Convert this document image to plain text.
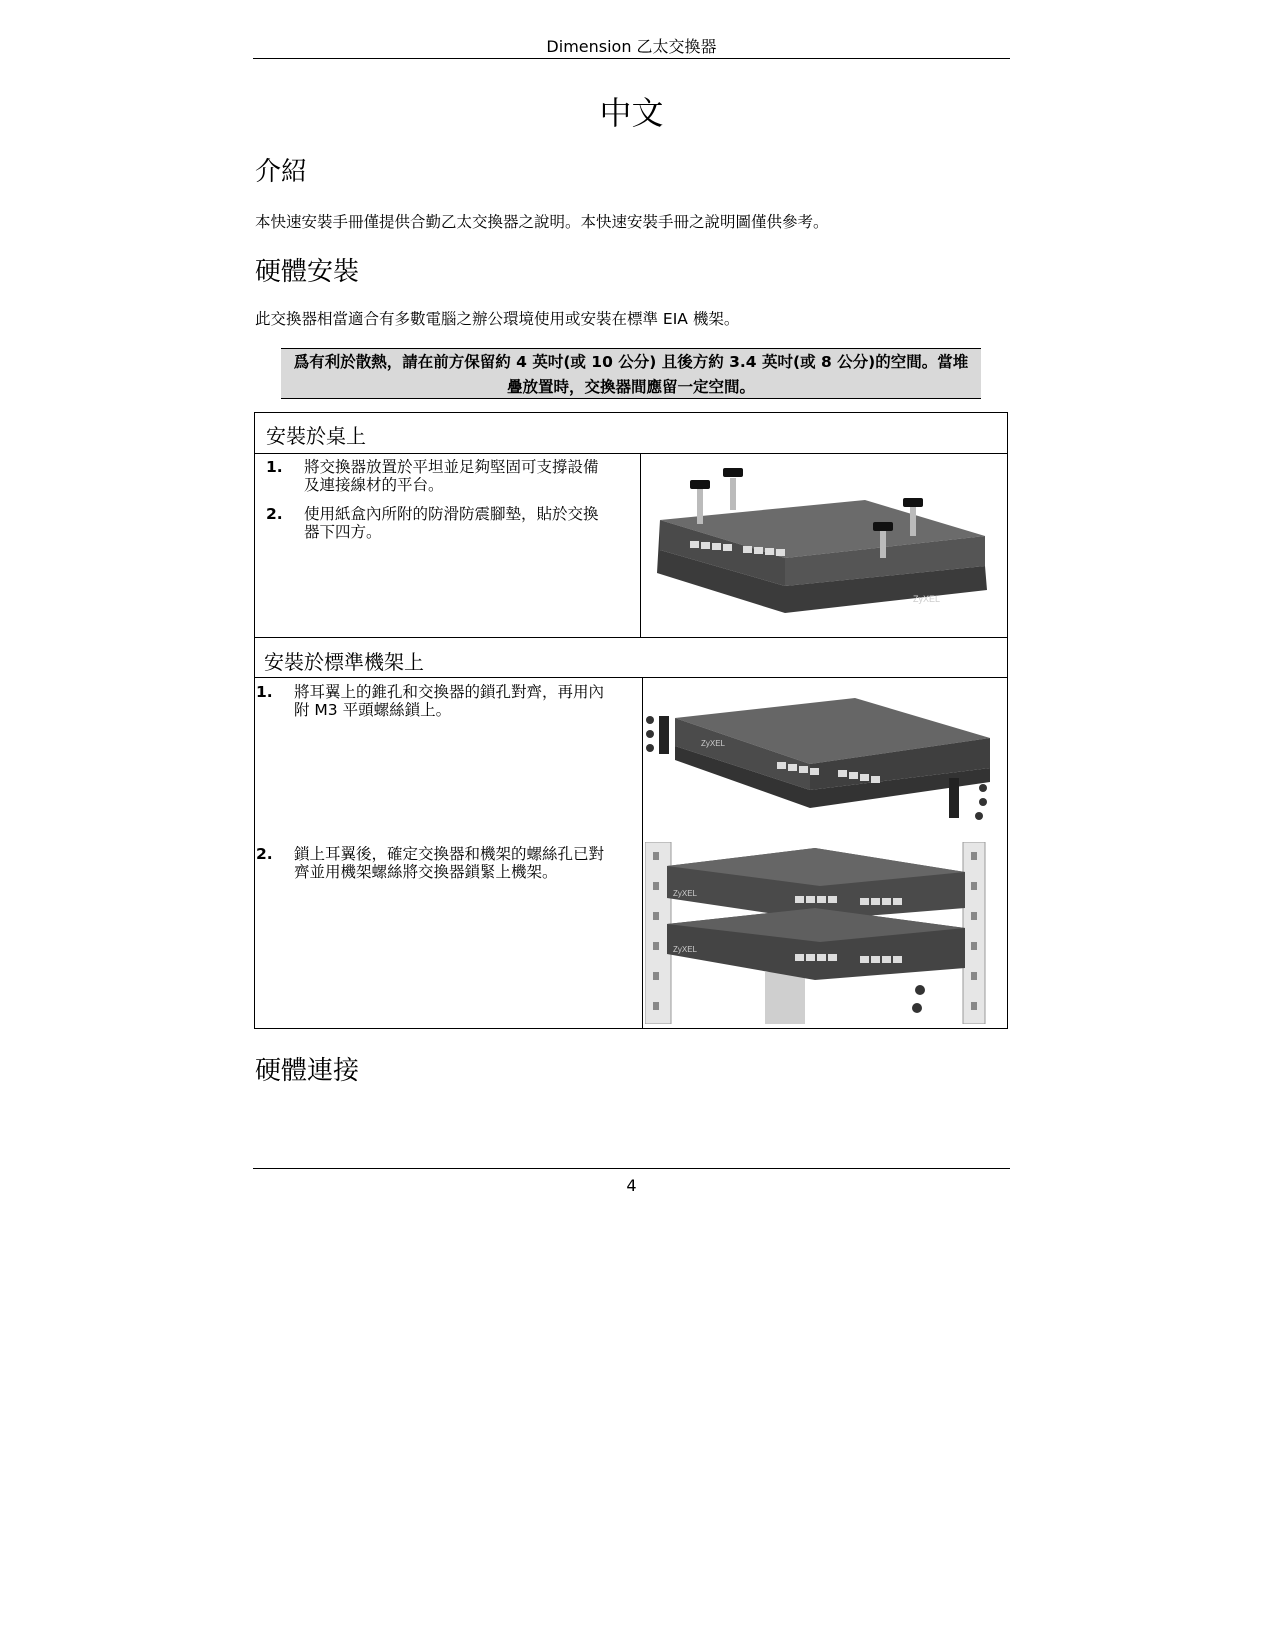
Dimension 乙太交換器
中文
介紹
本快速安裝手冊僅提供合勤乙太交換器之說明。本快速安裝手冊之說明圖僅供參考。
硬體安裝
此交換器相當適合有多數電腦之辦公環境使用或安裝在標準 EIA 機架。
爲有利於散熱，請在前方保留約 4 英吋(或 10 公分) 且後方約 3.4 英吋(或 8 公分)的空間。當堆
疊放置時，交換器間應留一定空間。
安裝於桌上
1. 將交換器放置於平坦並足夠堅固可支撐設備
及連接線材的平台。
2. 使用紙盒內所附的防滑防震腳墊，貼於交換
器下四方。
ZyXEL
安裝於標準機架上
1. 將耳翼上的錐孔和交換器的鎖孔對齊，再用內
附 M3 平頭螺絲鎖上。
ZyXEL
2. 鎖上耳翼後，確定交換器和機架的螺絲孔已對
齊並用機架螺絲將交換器鎖緊上機架。
ZyXEL
ZyXEL
硬體連接
4
